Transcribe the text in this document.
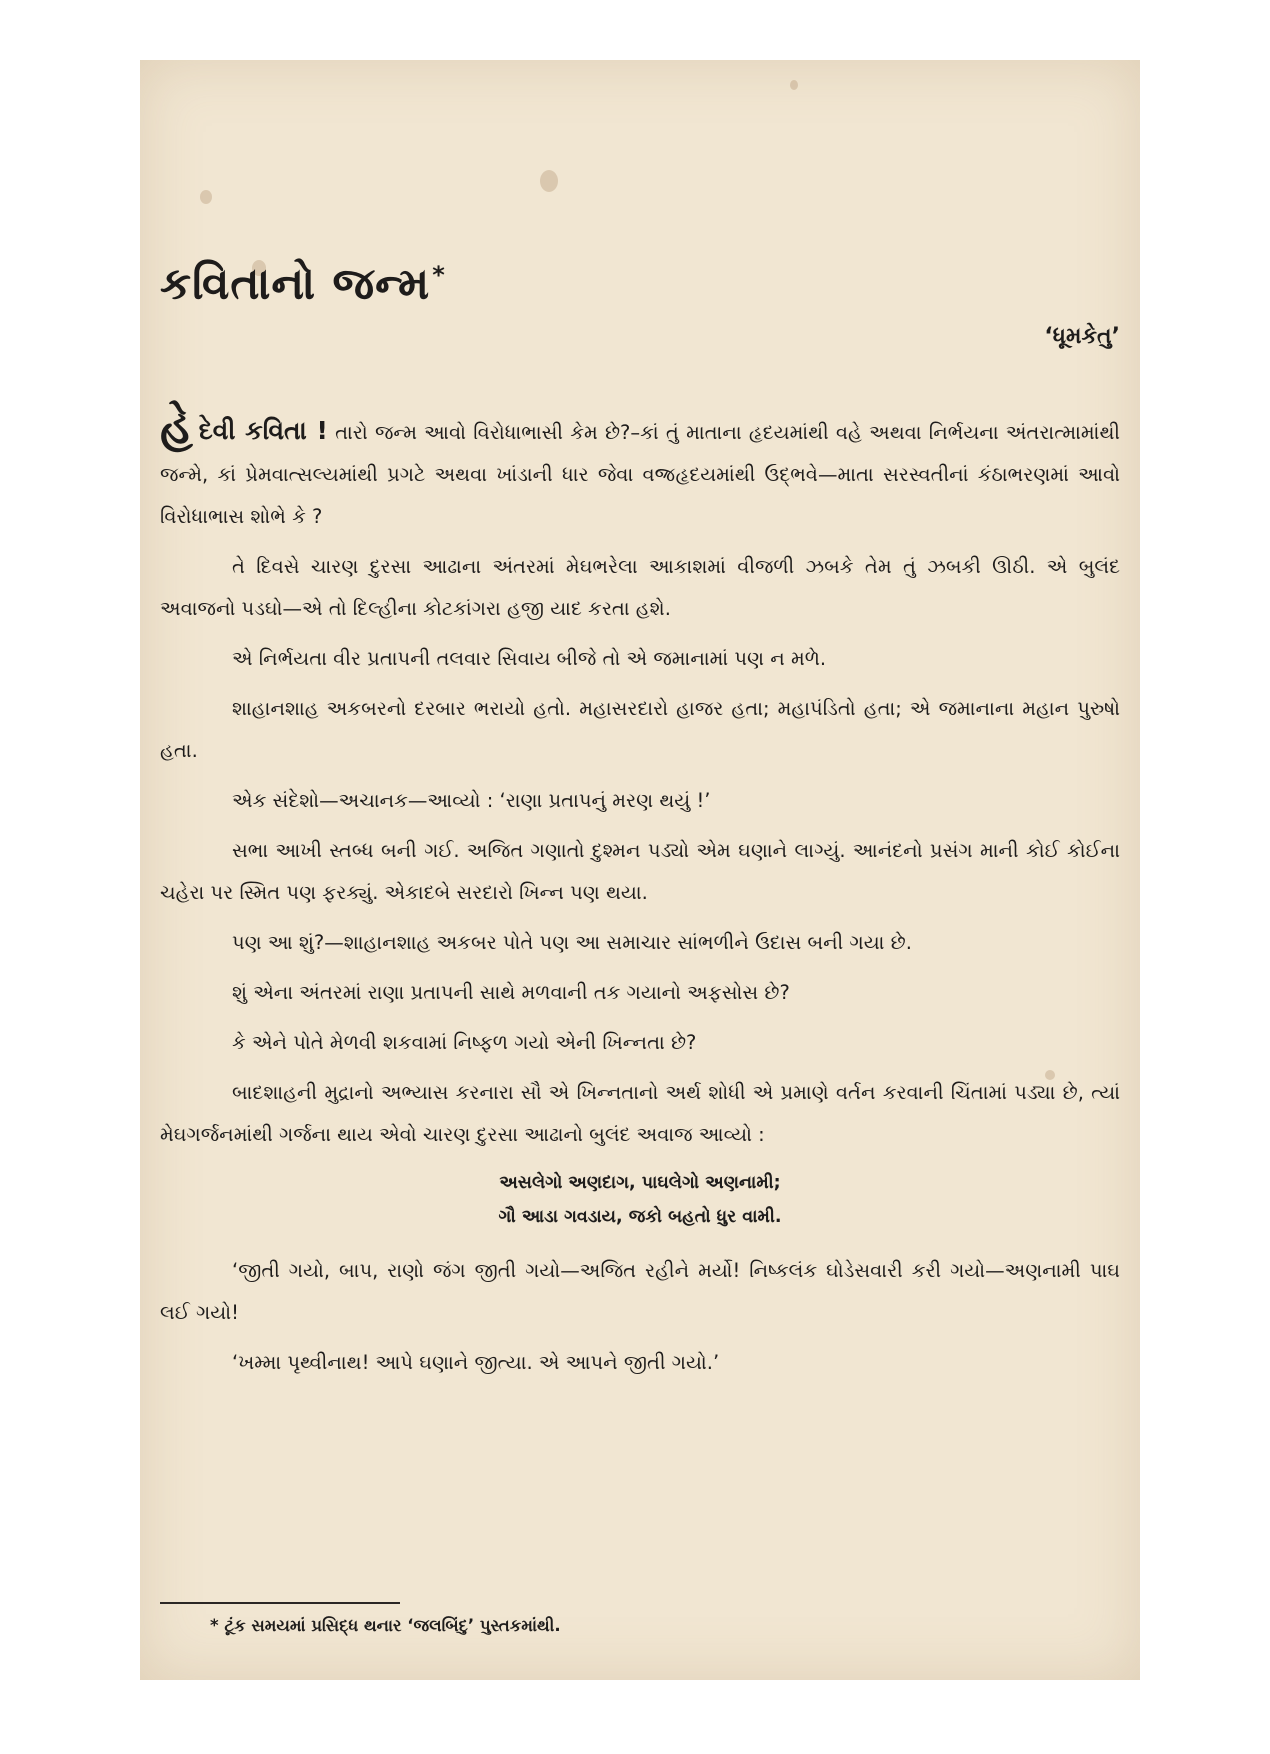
કવિતાનો જન્મ*
‘ધૂમકેતુ’

હેદેવી કવિતા ! તારો જન્મ આવો વિરોધાભાસી કેમ છે?–કાં તું માતાના હૃદયમાંથી વહે અથવા નિર્ભયના અંતરાત્મામાંથી જન્મે, કાં પ્રેમવાત્સલ્યમાંથી પ્રગટે અથવા ખાંડાની ધાર જેવા વજ્રહૃદયમાંથી ઉદ્ભવે—માતા સરસ્વતીનાં કંઠાભરણમાં આવો વિરોધાભાસ શોભે કે ?

તે દિવસે ચારણ દુરસા આઢાના અંતરમાં મેઘભરેલા આકાશમાં વીજળી ઝબકે તેમ તું ઝબકી ઊઠી. એ બુલંદ અવાજનો પડઘો—એ તો દિલ્હીના કોટકાંગરા હજી યાદ કરતા હશે.

એ નિર્ભયતા વીર પ્રતાપની તલવાર સિવાય બીજે તો એ જમાનામાં પણ ન મળે.

શાહાનશાહ અકબરનો દરબાર ભરાયો હતો. મહાસરદારો હાજર હતા; મહાપંડિતો હતા; એ જમાનાના મહાન પુરુષો હતા.

એક સંદેશો—અચાનક—આવ્યો : ‘રાણા પ્રતાપનું મરણ થયું !’

સભા આખી સ્તબ્ધ બની ગઈ. અજિત ગણાતો દુશ્મન પડ્યો એમ ઘણાને લાગ્યું. આનંદનો પ્રસંગ માની કોઈ કોઈના ચહેરા પર સ્મિત પણ ફરક્યું. એકાદબે સરદારો ખિન્ન પણ થયા.

પણ આ શું?—શાહાનશાહ અકબર પોતે પણ આ સમાચાર સાંભળીને ઉદાસ બની ગયા છે.

શું એના અંતરમાં રાણા પ્રતાપની સાથે મળવાની તક ગયાનો અફસોસ છે?

કે એને પોતે મેળવી શકવામાં નિષ્ફળ ગયો એની ખિન્નતા છે?

બાદશાહની મુદ્રાનો અભ્યાસ કરનારા સૌ એ ખિન્નતાનો અર્થ શોધી એ પ્રમાણે વર્તન કરવાની ચિંતામાં પડ્યા છે, ત્યાં મેઘગર્જનમાંથી ગર્જના થાય એવો ચારણ દુરસા આઢાનો બુલંદ અવાજ આવ્યો :

અસલેગો અણદાગ, પાઘલેગો અણનામી;
ગૌ આડા ગવડાય, જકો બહતો ધુર વામી.

‘જીતી ગયો, બાપ, રાણો જંગ જીતી ગયો—અજિત રહીને મર્યો! નિષ્કલંક ઘોડેસવારી કરી ગયો—અણનામી પાઘ લઈ ગયો!

‘ખમ્મા પૃથ્વીનાથ! આપે ઘણાને જીત્યા. એ આપને જીતી ગયો.’

* ટૂંક સમયમાં પ્રસિદ્ધ થનાર ‘જલબિંદુ’ પુસ્તકમાંથી.
